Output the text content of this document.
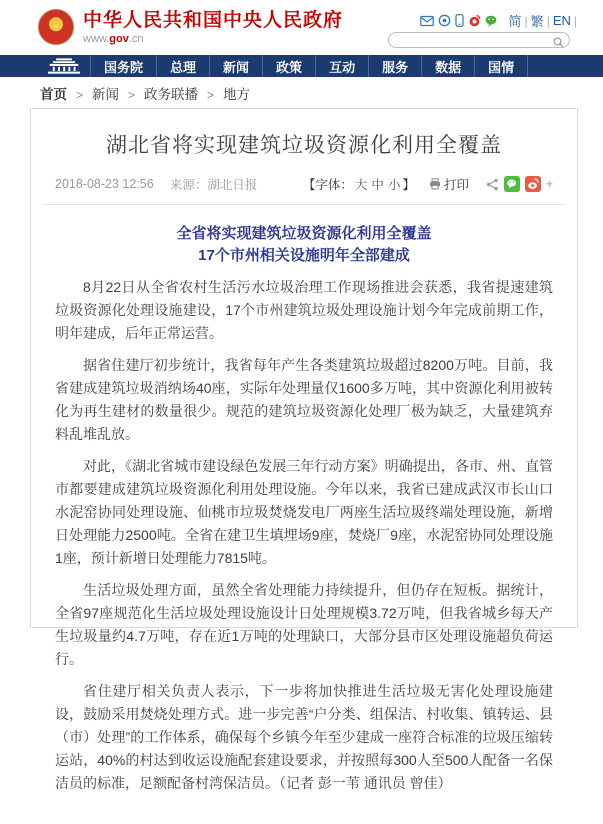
★ 中华人民共和国中央人民政府
www.gov.cn
简 | 繁 | EN |
国务院	总理	新闻	政策	互动	服务	数据	国情
首页 > 新闻 > 政务联播 > 地方
湖北省将实现建筑垃圾资源化利用全覆盖
2018-08-23 12:56 来源：湖北日报	【字体： 大 中 小 】 打印	+
全省将实现建筑垃圾资源化利用全覆盖
17个市州相关设施明年全部建成

8月22日从全省农村生活污水垃圾治理工作现场推进会获悉，我省提速建筑垃圾资源化处理设施建设，17个市州建筑垃圾处理设施计划今年完成前期工作，明年建成，后年正常运营。

据省住建厅初步统计，我省每年产生各类建筑垃圾超过8200万吨。目前，我省建成建筑垃圾消纳场40座，实际年处理量仅1600多万吨，其中资源化利用被转化为再生建材的数量很少。规范的建筑垃圾资源化处理厂极为缺乏，大量建筑弃料乱堆乱放。

对此，《湖北省城市建设绿色发展三年行动方案》明确提出，各市、州、直管市都要建成建筑垃圾资源化利用处理设施。今年以来，我省已建成武汉市长山口水泥窑协同处理设施、仙桃市垃圾焚烧发电厂两座生活垃圾终端处理设施，新增日处理能力2500吨。全省在建卫生填埋场9座，焚烧厂9座，水泥窑协同处理设施1座，预计新增日处理能力7815吨。

生活垃圾处理方面，虽然全省处理能力持续提升，但仍存在短板。据统计，全省97座规范化生活垃圾处理设施设计日处理规模3.72万吨，但我省城乡每天产生垃圾量约4.7万吨，存在近1万吨的处理缺口，大部分县市区处理设施超负荷运行。

省住建厅相关负责人表示，下一步将加快推进生活垃圾无害化处理设施建设，鼓励采用焚烧处理方式。进一步完善“户分类、组保洁、村收集、镇转运、县（市）处理”的工作体系，确保每个乡镇今年至少建成一座符合标准的垃圾压缩转运站，40%的村达到收运设施配套建设要求，并按照每300人至500人配备一名保洁员的标准，足额配备村湾保洁员。（记者 彭一苇 通讯员 曾佳）
